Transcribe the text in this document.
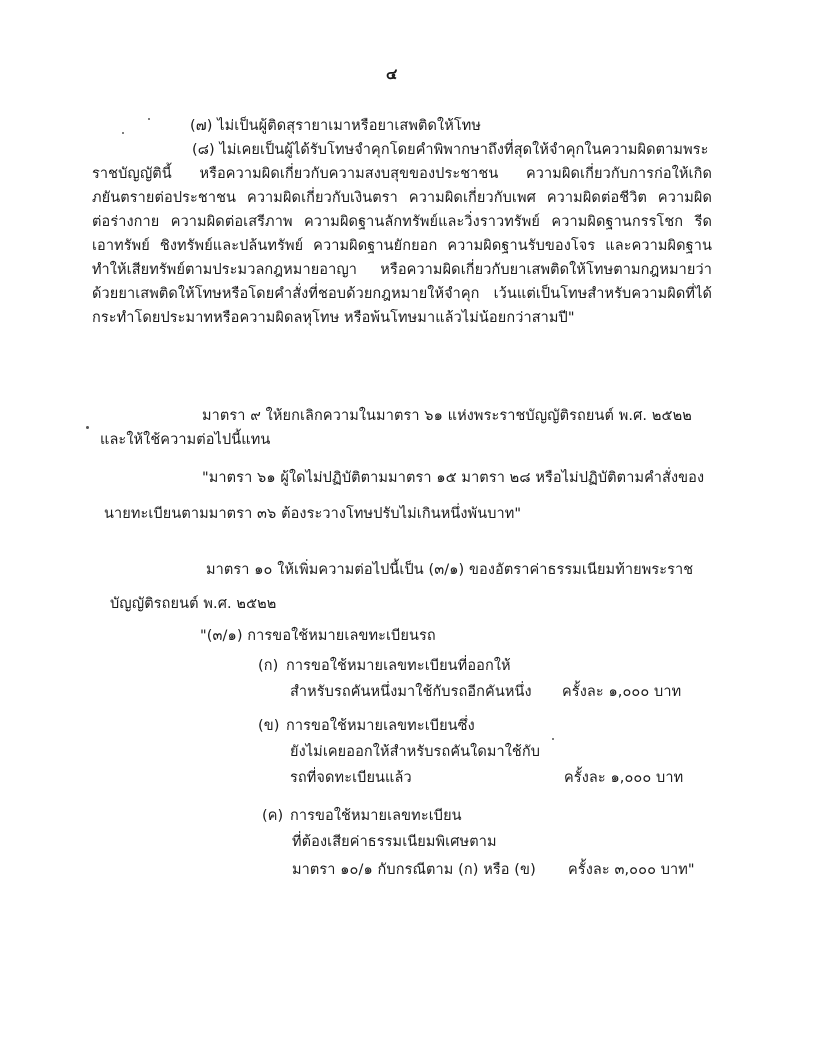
๔
(๗) ไม่เป็นผู้ติดสุรายาเมาหรือยาเสพติดให้โทษ
(๘) ไม่เคยเป็นผู้ได้รับโทษจำคุกโดยคำพิพากษาถึงที่สุดให้จำคุกในความผิดตามพระ
ราชบัญญัตินี้ หรือความผิดเกี่ยวกับความสงบสุขของประชาชน ความผิดเกี่ยวกับการก่อให้เกิด
ภยันตรายต่อประชาชน ความผิดเกี่ยวกับเงินตรา ความผิดเกี่ยวกับเพศ ความผิดต่อชีวิต ความผิด
ต่อร่างกาย ความผิดต่อเสรีภาพ ความผิดฐานลักทรัพย์และวิ่งราวทรัพย์ ความผิดฐานกรรโชก รีด
เอาทรัพย์ ชิงทรัพย์และปล้นทรัพย์ ความผิดฐานยักยอก ความผิดฐานรับของโจร และความผิดฐาน
ทำให้เสียทรัพย์ตามประมวลกฎหมายอาญา หรือความผิดเกี่ยวกับยาเสพติดให้โทษตามกฎหมายว่า
ด้วยยาเสพติดให้โทษหรือโดยคำสั่งที่ชอบด้วยกฎหมายให้จำคุก เว้นแต่เป็นโทษสำหรับความผิดที่ได้
กระทำโดยประมาทหรือความผิดลหุโทษ หรือพ้นโทษมาแล้วไม่น้อยกว่าสามปี"
มาตรา ๙ ให้ยกเลิกความในมาตรา ๖๑ แห่งพระราชบัญญัติรถยนต์ พ.ศ. ๒๕๒๒
และให้ใช้ความต่อไปนี้แทน
"มาตรา ๖๑ ผู้ใดไม่ปฏิบัติตามมาตรา ๑๕ มาตรา ๒๘ หรือไม่ปฏิบัติตามคำสั่งของ
นายทะเบียนตามมาตรา ๓๖ ต้องระวางโทษปรับไม่เกินหนึ่งพันบาท"
มาตรา ๑๐ ให้เพิ่มความต่อไปนี้เป็น (๓/๑) ของอัตราค่าธรรมเนียมท้ายพระราช
บัญญัติรถยนต์ พ.ศ. ๒๕๒๒
"(๓/๑) การขอใช้หมายเลขทะเบียนรถ
(ก) การขอใช้หมายเลขทะเบียนที่ออกให้
สำหรับรถคันหนึ่งมาใช้กับรถอีกคันหนึ่ง ครั้งละ ๑,๐๐๐ บาท
(ข) การขอใช้หมายเลขทะเบียนซึ่ง
ยังไม่เคยออกให้สำหรับรถคันใดมาใช้กับ
รถที่จดทะเบียนแล้ว	ครั้งละ ๑,๐๐๐ บาท
(ค) การขอใช้หมายเลขทะเบียน
ที่ต้องเสียค่าธรรมเนียมพิเศษตาม
มาตรา ๑๐/๑ กับกรณีตาม (ก) หรือ (ข) ครั้งละ ๓,๐๐๐ บาท"
